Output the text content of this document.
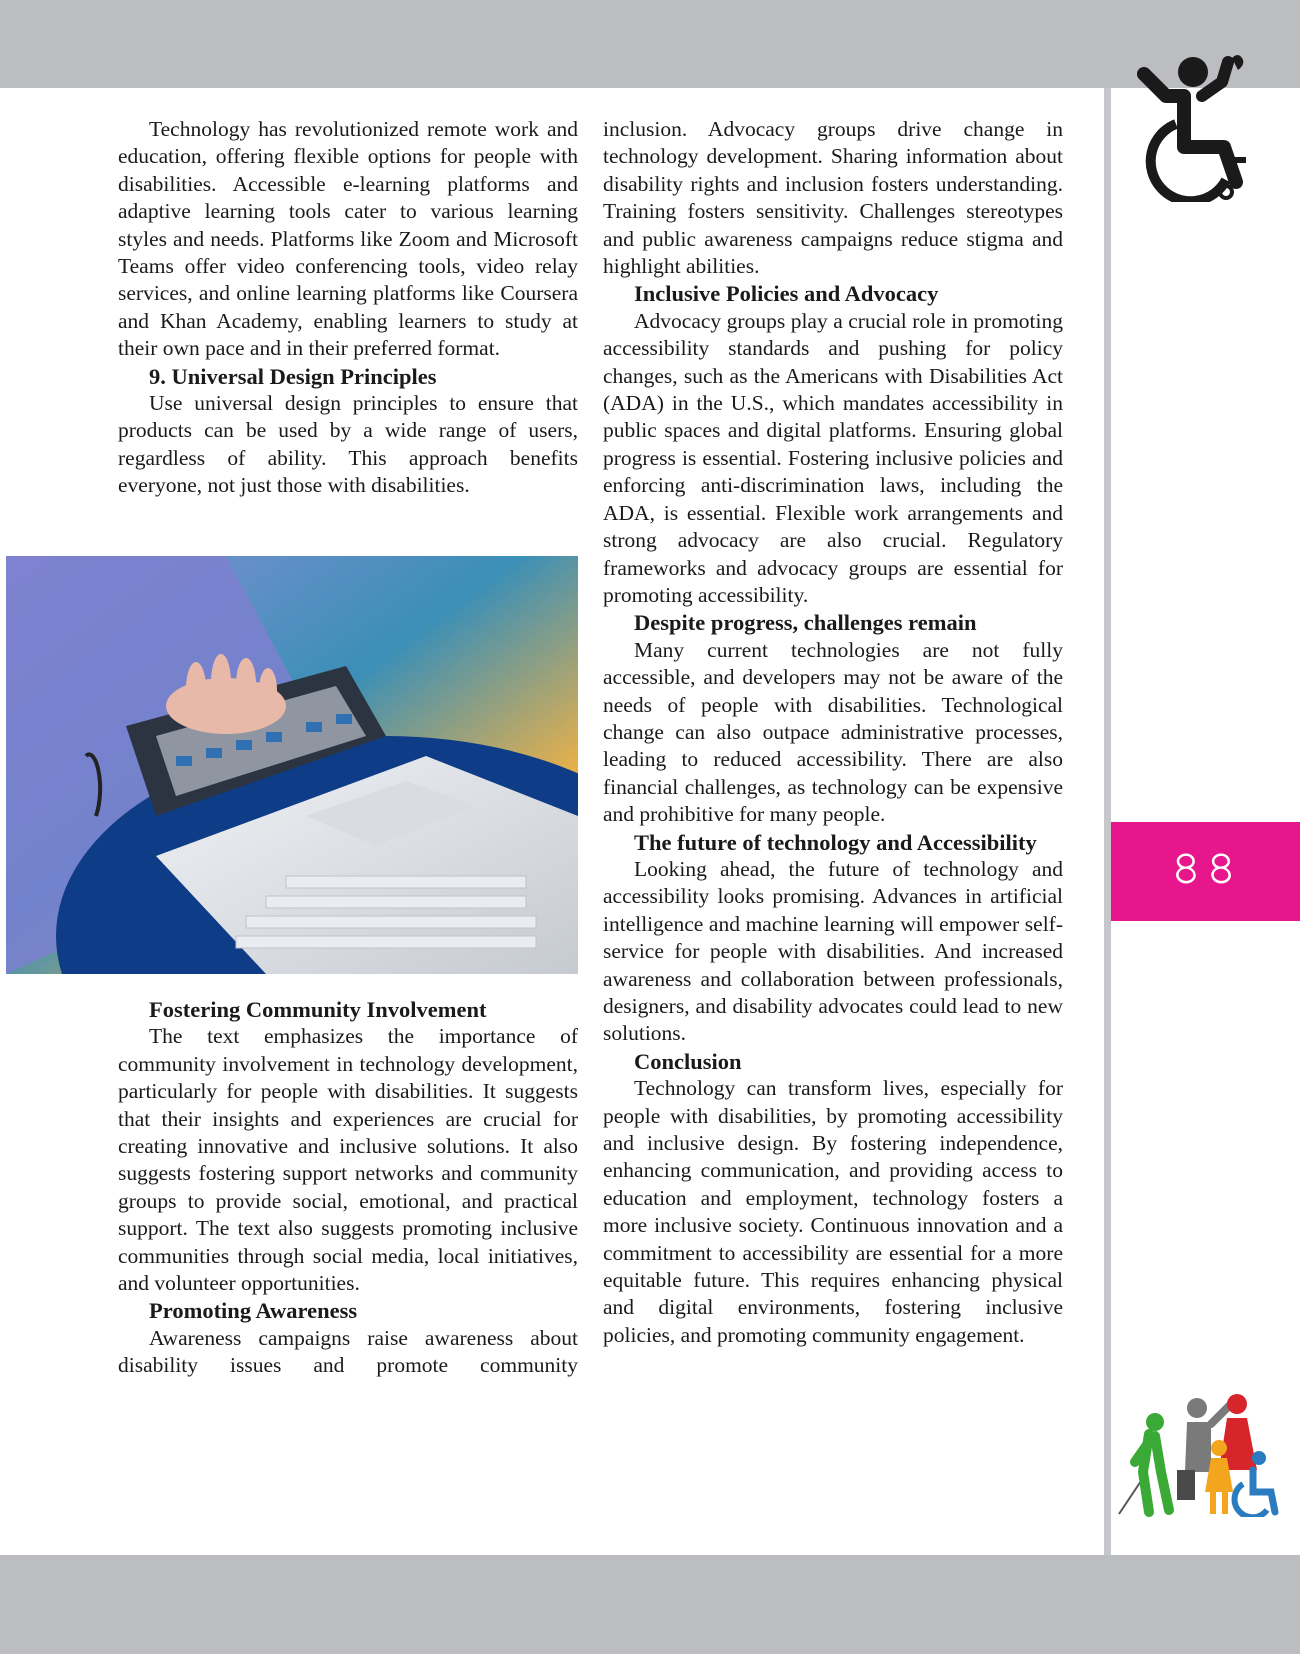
৪৪

Technology has revolutionized remote work and education, offering flexible options for people with disabilities. Accessible e-learning platforms and adaptive learning tools cater to various learning styles and needs. Platforms like Zoom and Microsoft Teams offer video conferencing tools, video relay services, and online learning platforms like Coursera and Khan Academy, enabling learners to study at their own pace and in their preferred format.

9. Universal Design Principles

Use universal design principles to ensure that products can be used by a wide range of users, regardless of ability. This approach benefits everyone, not just those with disabilities.

Fostering Community Involvement

The text emphasizes the importance of community involvement in technology development, particularly for people with disabilities. It suggests that their insights and experiences are crucial for creating innovative and inclusive solutions. It also suggests fostering support networks and community groups to provide social, emotional, and practical support. The text also suggests promoting inclusive communities through social media, local initiatives, and volunteer opportunities.

Promoting Awareness

Awareness campaigns raise awareness about disability issues and promote community

inclusion. Advocacy groups drive change in technology development. Sharing information about disability rights and inclusion fosters understanding. Training fosters sensitivity. Challenges stereotypes and public awareness campaigns reduce stigma and highlight abilities.

Inclusive Policies and Advocacy

Advocacy groups play a crucial role in promoting accessibility standards and pushing for policy changes, such as the Americans with Disabilities Act (ADA) in the U.S., which mandates accessibility in public spaces and digital platforms. Ensuring global progress is essential. Fostering inclusive policies and enforcing anti-discrimination laws, including the ADA, is essential. Flexible work arrangements and strong advocacy are also crucial. Regulatory frameworks and advocacy groups are essential for promoting accessibility.

Despite progress, challenges remain

Many current technologies are not fully accessible, and developers may not be aware of the needs of people with disabilities. Technological change can also outpace administrative processes, leading to reduced accessibility. There are also financial challenges, as technology can be expensive and prohibitive for many people.

The future of technology and Accessibility

Looking ahead, the future of technology and accessibility looks promising. Advances in artificial intelligence and machine learning will empower self-service for people with disabilities. And increased awareness and collaboration between professionals, designers, and disability advocates could lead to new solutions.

Conclusion

Technology can transform lives, especially for people with disabilities, by promoting accessibility and inclusive design. By fostering independence, enhancing communication, and providing access to education and employment, technology fosters a more inclusive society. Continuous innovation and a commitment to accessibility are essential for a more equitable future. This requires enhancing physical and digital environments, fostering inclusive policies, and promoting community engagement.
